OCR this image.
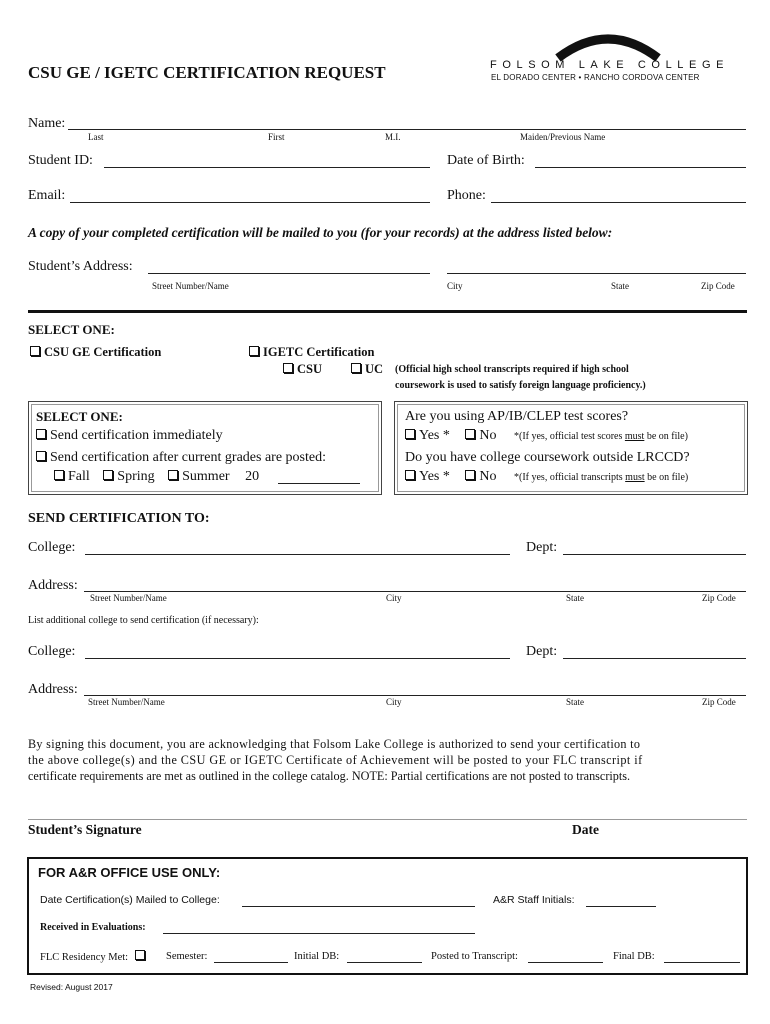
FOLSOM LAKE COLLEGE
EL DORADO CENTER • RANCHO CORDOVA CENTER
CSU GE / IGETC CERTIFICATION REQUEST
Name:
Last	First	M.I.	Maiden/Previous Name
Student ID:	Date of Birth:
Email:	Phone:
A copy of your completed certification will be mailed to you (for your records) at the address listed below:
Student’s Address:
Street Number/Name	City	State	Zip Code
SELECT ONE:
CSU GE Certification	IGETC Certification
CSU	UC (Official high school transcripts required if high school
coursework is used to satisfy foreign language proficiency.)
SELECT ONE:
Send certification immediately
Send certification after current grades are posted:
Fall Spring Summer 20
Are you using AP/IB/CLEP test scores?
Yes * No *(If yes, official test scores must be on file)
Do you have college coursework outside LRCCD?
Yes * No *(If yes, official transcripts must be on file)
SEND CERTIFICATION TO:
College:	Dept:
Address:
Street Number/Name	City	State	Zip Code
List additional college to send certification (if necessary):
College:	Dept:
Address:
Street Number/Name	City	State	Zip Code
By signing this document, you are acknowledging that Folsom Lake College is authorized to send your certification to
the above college(s) and the CSU GE or IGETC Certificate of Achievement will be posted to your FLC transcript if
certificate requirements are met as outlined in the college catalog. NOTE: Partial certifications are not posted to transcripts.
Student’s Signature	Date
FOR A&R OFFICE USE ONLY:
Date Certification(s) Mailed to College:	A&R Staff Initials:
Received in Evaluations:
FLC Residency Met:	Semester:	Initial DB:	Posted to Transcript:	Final DB:
Revised: August 2017
